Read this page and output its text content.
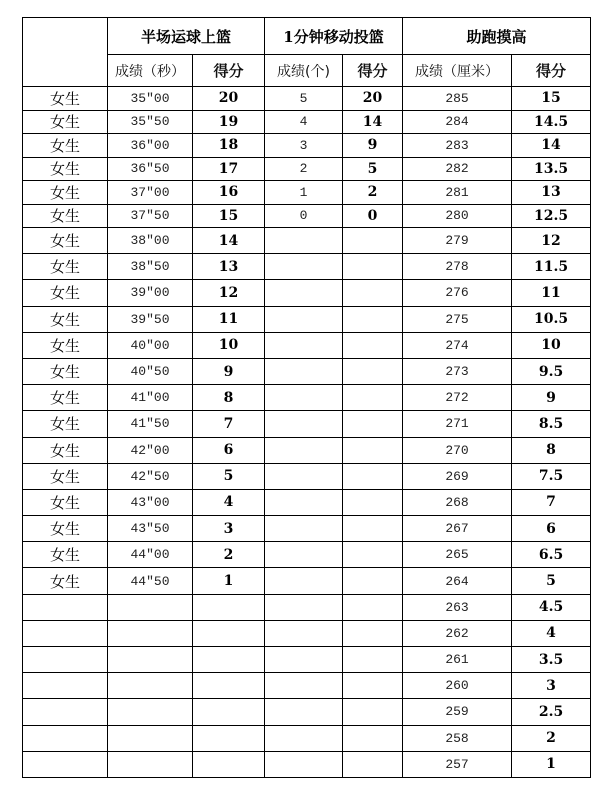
	半场运球上篮		1分钟移动投篮		助跑摸高	
	成绩（秒）	得分	成绩(个)	得分	成绩（厘米）	得分
女生	35″00	20	5	20	285	15
女生	35″50	19	4	14	284	14.5
女生	36″00	18	3	9	283	14
女生	36″50	17	2	5	282	13.5
女生	37″00	16	1	2	281	13
女生	37″50	15	0	0	280	12.5
女生	38″00	14			279	12
女生	38″50	13			278	11.5
女生	39″00	12			276	11
女生	39″50	11			275	10.5
女生	40″00	10			274	10
女生	40″50	9			273	9.5
女生	41″00	8			272	9
女生	41″50	7			271	8.5
女生	42″00	6			270	8
女生	42″50	5			269	7.5
女生	43″00	4			268	7
女生	43″50	3			267	6
女生	44″00	2			265	6.5
女生	44″50	1			264	5
					263	4.5
					262	4
					261	3.5
					260	3
					259	2.5
					258	2
					257	1
